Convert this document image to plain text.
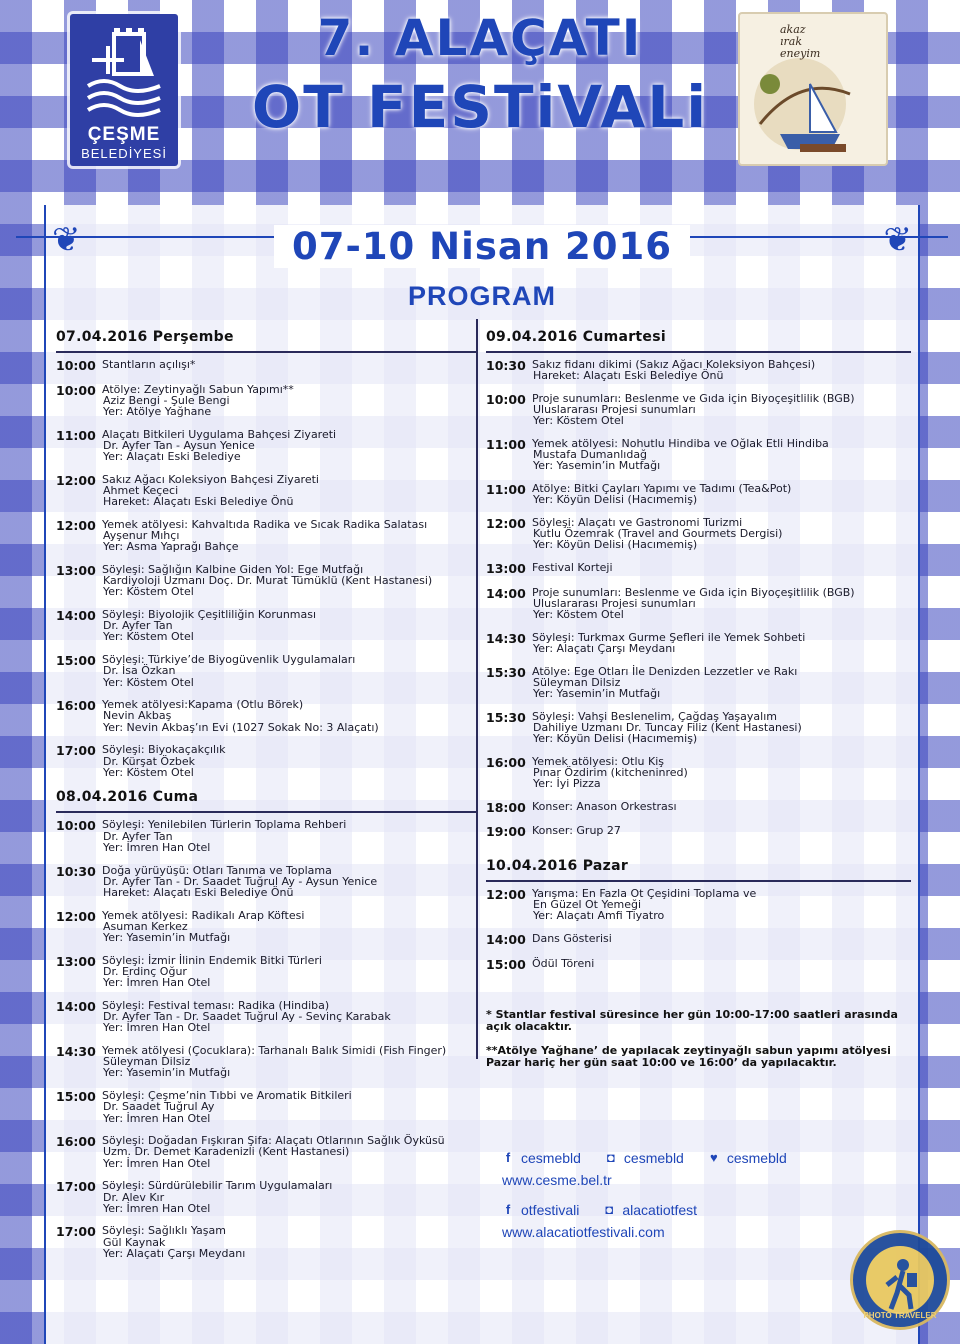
ÇEŞME
BELEDİYESİ
7. ALAÇATI
OT FESTiVALi
akaz
ırak
eneyim
❦	❦
07-10 Nisan 2016
PROGRAM
07.04.2016 Perşembe
10:00 Stantların açılışı*
10:00 Atölye: Zeytinyağlı Sabun Yapımı**
Aziz Bengi - Şule Bengi
Yer: Atölye Yağhane
11:00 Alaçatı Bitkileri Uygulama Bahçesi Ziyareti
Dr. Ayfer Tan - Aysun Yenice
Yer: Alaçatı Eski Belediye
12:00 Sakız Ağacı Koleksiyon Bahçesi Ziyareti
Ahmet Keçeci
Hareket: Alaçatı Eski Belediye Önü
12:00 Yemek atölyesi: Kahvaltıda Radika ve Sıcak Radika Salatası
Ayşenur Mıhçı
Yer: Asma Yaprağı Bahçe
13:00 Söyleşi: Sağlığın Kalbine Giden Yol: Ege Mutfağı
Kardiyoloji Uzmanı Doç. Dr. Murat Tümüklü (Kent Hastanesi)
Yer: Köstem Otel
14:00 Söyleşi: Biyolojik Çeşitliliğin Korunması
Dr. Ayfer Tan
Yer: Köstem Otel
15:00 Söyleşi: Türkiye’de Biyogüvenlik Uygulamaları
Dr. İsa Özkan
Yer: Köstem Otel
16:00 Yemek atölyesi:Kapama (Otlu Börek)
Nevin Akbaş
Yer: Nevin Akbaş’ın Evi (1027 Sokak No: 3 Alaçatı)
17:00 Söyleşi: Biyokaçakçılık
Dr. Kürşat Özbek
Yer: Köstem Otel
08.04.2016 Cuma
10:00 Söyleşi: Yenilebilen Türlerin Toplama Rehberi
Dr. Ayfer Tan
Yer: İmren Han Otel
10:30 Doğa yürüyüşü: Otları Tanıma ve Toplama
Dr. Ayfer Tan - Dr. Saadet Tuğrul Ay - Aysun Yenice
Hareket: Alaçatı Eski Belediye Önü
12:00 Yemek atölyesi: Radikalı Arap Köftesi
Asuman Kerkez
Yer: Yasemin’in Mutfağı
13:00 Söyleşi: İzmir İlinin Endemik Bitki Türleri
Dr. Erdinç Oğur
Yer: İmren Han Otel
14:00 Söyleşi: Festival teması: Radika (Hindiba)
Dr. Ayfer Tan - Dr. Saadet Tuğrul Ay - Sevinç Karabak
Yer: İmren Han Otel
14:30 Yemek atölyesi (Çocuklara): Tarhanalı Balık Simidi (Fish Finger)
Süleyman Dilsiz
Yer: Yasemin’in Mutfağı
15:00 Söyleşi: Çeşme’nin Tıbbi ve Aromatik Bitkileri
Dr. Saadet Tuğrul Ay
Yer: İmren Han Otel
16:00 Söyleşi: Doğadan Fışkıran Şifa: Alaçatı Otlarının Sağlık Öyküsü
Uzm. Dr. Demet Karadenizli (Kent Hastanesi)
Yer: İmren Han Otel
17:00 Söyleşi: Sürdürülebilir Tarım Uygulamaları
Dr. Alev Kır
Yer: İmren Han Otel
17:00 Söyleşi: Sağlıklı Yaşam
Gül Kaynak
Yer: Alaçatı Çarşı Meydanı
09.04.2016 Cumartesi
10:30 Sakız fidanı dikimi (Sakız Ağacı Koleksiyon Bahçesi)
Hareket: Alaçatı Eski Belediye Önü
10:00 Proje sunumları: Beslenme ve Gıda için Biyoçeşitlilik (BGB)
Uluslararası Projesi sunumları
Yer: Köstem Otel
11:00 Yemek atölyesi: Nohutlu Hindiba ve Oğlak Etli Hindiba
Mustafa Dumanlıdağ
Yer: Yasemin’in Mutfağı
11:00 Atölye: Bitki Çayları Yapımı ve Tadımı (Tea&Pot)
Yer: Köyün Delisi (Hacımemiş)
12:00 Söyleşi: Alaçatı ve Gastronomi Turizmi
Kutlu Özemrak (Travel and Gourmets Dergisi)
Yer: Köyün Delisi (Hacımemiş)
13:00 Festival Korteji
14:00 Proje sunumları: Beslenme ve Gıda için Biyoçeşitlilik (BGB)
Uluslararası Projesi sunumları
Yer: Köstem Otel
14:30 Söyleşi: Turkmax Gurme Şefleri ile Yemek Sohbeti
Yer: Alaçatı Çarşı Meydanı
15:30 Atölye: Ege Otları İle Denizden Lezzetler ve Rakı
Süleyman Dilsiz
Yer: Yasemin’in Mutfağı
15:30 Söyleşi: Vahşi Beslenelim, Çağdaş Yaşayalım
Dahiliye Uzmanı Dr. Tuncay Filiz (Kent Hastanesi)
Yer: Köyün Delisi (Hacımemiş)
16:00 Yemek atölyesi: Otlu Kiş
Pınar Özdirim (kitcheninred)
Yer: İyi Pizza
18:00 Konser: Anason Orkestrası
19:00 Konser: Grup 27
10.04.2016 Pazar
12:00 Yarışma: En Fazla Ot Çeşidini Toplama ve
En Güzel Ot Yemeği
Yer: Alaçatı Amfi Tiyatro
14:00 Dans Gösterisi
15:00 Ödül Töreni

* Stantlar festival süresince her gün 10:00-17:00 saatleri arasında açık olacaktır.

**Atölye Yağhane’ de yapılacak zeytinyağlı sabun yapımı atölyesi Pazar hariç her gün saat 10:00 ve 16:00’ da yapılacaktır.

f cesmebld	◘ cesmebld	♥ cesmebld
www.cesme.bel.tr
f otfestivali	◘ alacatiotfest
www.alacatiotfestivali.com
PHOTO TRAVELER
